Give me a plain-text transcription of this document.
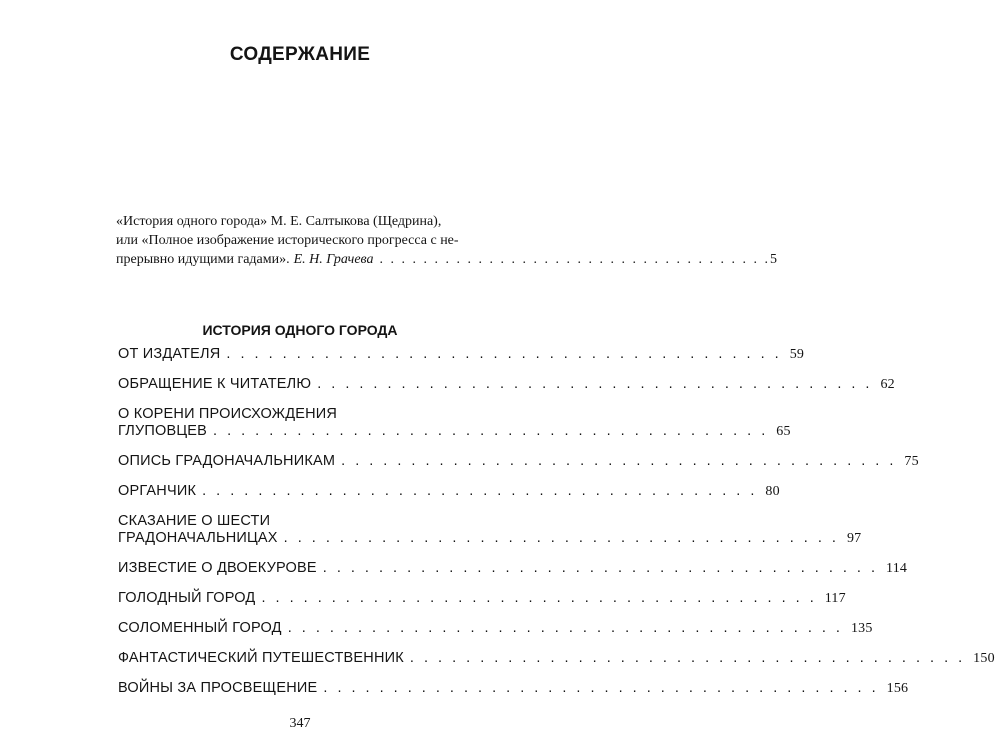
СОДЕРЖАНИЕ
«История одного города» М. Е. Салтыкова (Щедрина),
или «Полное изображение исторического прогресса с не-
прерывно идущими гадами». Е. Н. Грачева . . . . . . . . . . . . . . . . . . . . . . . . . . . . . . . . . . . . 5
ИСТОРИЯ ОДНОГО ГОРОДА
ОТ ИЗДАТЕЛЯ . . . . . . . . . . . . . . . . . . . . . . . . . . . . . . . . . . . . . . . . 59
ОБРАЩЕНИЕ К ЧИТАТЕЛЮ . . . . . . . . . . . . . . . . . . . . . . . . . . . . . . . . . . . . . . . . 62
О КОРЕНИ ПРОИСХОЖДЕНИЯ
ГЛУПОВЦЕВ . . . . . . . . . . . . . . . . . . . . . . . . . . . . . . . . . . . . . . . . 65
ОПИСЬ ГРАДОНАЧАЛЬНИКАМ . . . . . . . . . . . . . . . . . . . . . . . . . . . . . . . . . . . . . . . . 75
ОРГАНЧИК . . . . . . . . . . . . . . . . . . . . . . . . . . . . . . . . . . . . . . . . 80
СКАЗАНИЕ О ШЕСТИ
ГРАДОНАЧАЛЬНИЦАХ . . . . . . . . . . . . . . . . . . . . . . . . . . . . . . . . . . . . . . . . 97
ИЗВЕСТИЕ О ДВОЕКУРОВЕ . . . . . . . . . . . . . . . . . . . . . . . . . . . . . . . . . . . . . . . . 114
ГОЛОДНЫЙ ГОРОД . . . . . . . . . . . . . . . . . . . . . . . . . . . . . . . . . . . . . . . . 117
СОЛОМЕННЫЙ ГОРОД . . . . . . . . . . . . . . . . . . . . . . . . . . . . . . . . . . . . . . . . 135
ФАНТАСТИЧЕСКИЙ ПУТЕШЕСТВЕННИК . . . . . . . . . . . . . . . . . . . . . . . . . . . . . . . . . . . . . . . . 150
ВОЙНЫ ЗА ПРОСВЕЩЕНИЕ . . . . . . . . . . . . . . . . . . . . . . . . . . . . . . . . . . . . . . . . 156
347
